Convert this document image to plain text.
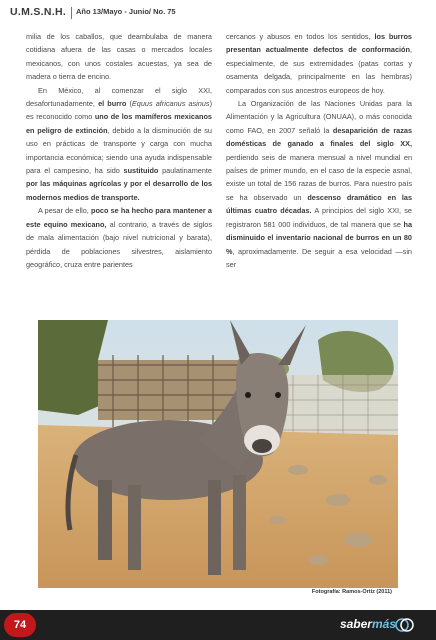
U.M.S.N.H. Año 13/Mayo - Junio/ No. 75

milia de los caballos, que deambulaba de manera cotidiana afuera de las casas o mercados locales mexicanos, con unos costales acuestas, ya sea de madera o tierra de encino.

En México, al comenzar el siglo XXI, desafortunadamente, el burro (Equus africanus asinus) es reconocido como uno de los mamíferos mexicanos en peligro de extinción, debido a la disminución de su uso en prácticas de transporte y carga con mucha importancia económica; siendo una ayuda indispensable para el campesino, ha sido sustituido paulatinamente por las máquinas agrícolas y por el desarrollo de los modernos medios de transporte.

A pesar de ello, poco se ha hecho para mantener a este equino mexicano, al contrario, a través de siglos de mala alimentación (bajo nivel nutricional y barata), pérdida de poblaciones silvestres, aislamiento geográfico, cruza entre parientes

cercanos y abusos en todos los sentidos, los burros presentan actualmente defectos de conformación, especialmente, de sus extremidades (patas cortas y osamenta delgada, principalmente en las hembras) comparados con sus ancestros europeos de hoy.

La Organización de las Naciones Unidas para la Alimentación y la Agricultura (ONUAA), o más conocida como FAO, en 2007 señaló la desaparición de razas domésticas de ganado a finales del siglo XX, perdiendo seis de manera mensual a nivel mundial en países de primer mundo, en el caso de la especie asnal, existe un total de 156 razas de burros. Para nuestro país se ha observado un descenso dramático en las últimas cuatro décadas. A principios del siglo XXI, se registraron 581 000 individuos, de tal manera que se ha disminuido el inventario nacional de burros en un 80 %, aproximadamente. De seguir a esa velocidad —sin ser

Fotografía: Ramos-Ortiz (2011)
74	sabermás
